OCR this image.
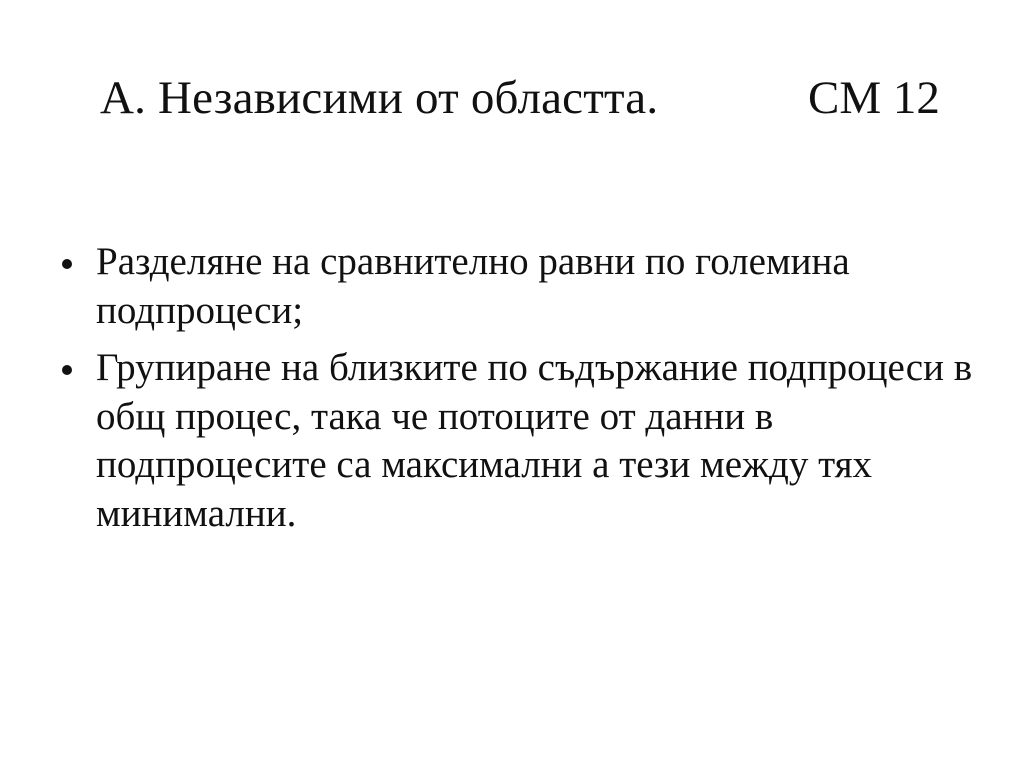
А. Независими от областта.	СМ 12
Разделяне на сравнително равни по големина подпроцеси;
Групиране на близките по съдържание подпроцеси в общ процес, така че потоците от данни в подпроцесите са максимални а тези между тях минимални.
